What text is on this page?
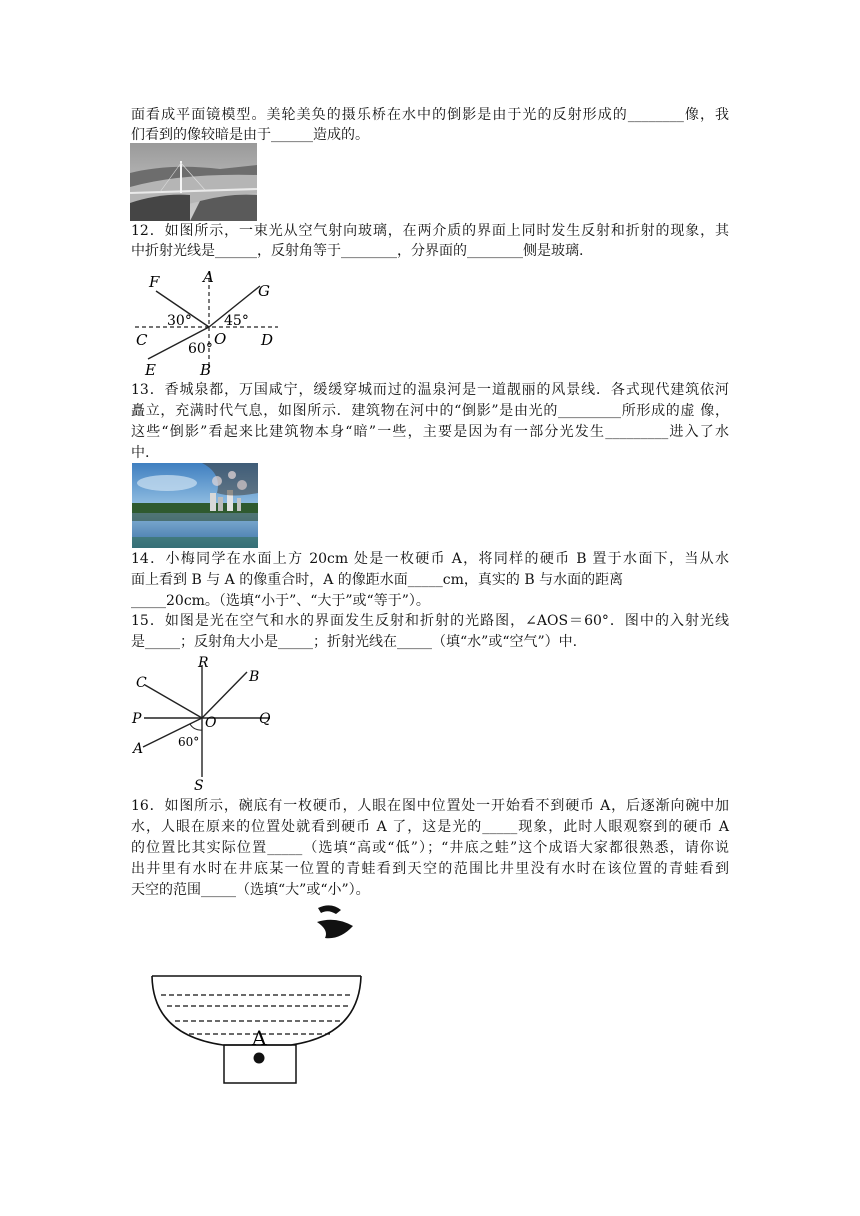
面看成平面镜模型。美轮美奂的摄乐桥在水中的倒影是由于光的反射形成的________像，我
们看到的像较暗是由于______造成的。
12．如图所示，一束光从空气射向玻璃，在两介质的界面上同时发生反射和折射的现象，其
中折射光线是______，反射角等于________，分界面的________侧是玻璃.
F	A
G
30° 45°
C	O D
60°
E	B
13．香城泉都，万国咸宁，缓缓穿城而过的温泉河是一道靓丽的风景线．各式现代建筑依河
矗立，充满时代气息，如图所示．建筑物在河中的“倒影”是由光的_________所形成的虚 像，
这些“倒影”看起来比建筑物本身“暗”一些，主要是因为有一部分光发生_________进入了水
中.
14．小梅同学在水面上方 20cm 处是一枚硬币 A，将同样的硬币 B 置于水面下，当从水
面上看到 B 与 A 的像重合时，A 的像距水面_____cm，真实的 B 与水面的距离
_____20cm。（选填“小于”、“大于”或“等于”）。
15．如图是光在空气和水的界面发生反射和折射的光路图，∠AOS＝60°．图中的入射光线
是_____；反射角大小是_____；折射光线在_____（填“水”或“空气”）中.
R
C	B
P	O	Q
A	60°
S
16．如图所示，碗底有一枚硬币，人眼在图中位置处一开始看不到硬币 A，后逐渐向碗中加
水，人眼在原来的位置处就看到硬币 A 了，这是光的_____现象，此时人眼观察到的硬币 A
的位置比其实际位置_____（选填“高或“低”）；“井底之蛙”这个成语大家都很熟悉，请你说
出井里有水时在井底某一位置的青蛙看到天空的范围比井里没有水时在该位置的青蛙看到
天空的范围_____（选填“大”或“小”）。
A
